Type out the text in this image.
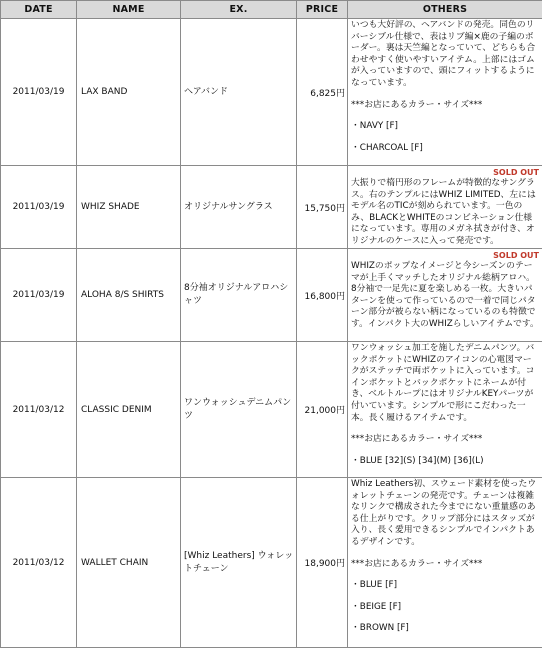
DATE	NAME	EX.	PRICE	OTHERS
2011/03/19	LAX BAND	ヘアバンド	6,825円	いつも大好評の、ヘアバンドの発売。同色のリバーシブル仕様で、表はリブ編×鹿の子編のボーダー。裏は天竺編となっていて、どちらも合わせやすく使いやすいアイテム。上部にはゴムが入っていますので、頭にフィットするようになっています。
***お店にあるカラー・サイズ***
・NAVY [F]
・CHARCOAL [F]

2011/03/19	WHIZ SHADE	オリジナルサングラス	15,750円	SOLD OUT
大振りで楕円形のフレームが特徴的なサングラス。右のテンプルにはWHIZ LIMITED、左にはモデル名のTICが刻められています。一色のみ、BLACKとWHITEのコンビネーション仕様になっています。専用のメガネ拭きが付き、オリジナルのケースに入って発売です。

2011/03/19	ALOHA 8/S SHIRTS	8分袖オリジナルアロハシャツ	16,800円	SOLD OUT
WHIZのポップなイメージと今シーズンのテーマが上手くマッチしたオリジナル総柄アロハ。8分袖で一足先に夏を楽しめる一枚。大きいパターンを使って作っているので一着で同じパターン部分が被らない柄になっているのも特徴です。インパクト大のWHIZらしいアイテムです。

2011/03/12	CLASSIC DENIM	ワンウォッシュデニムパンツ	21,000円	ワンウォッシュ加工を施したデニムパンツ。バックポケットにWHIZのアイコンの心電図マークがステッチで両ポケットに入っています。コインポケットとバックポケットにネームが付き、ベルトループにはオリジナルKEYパーツが付いています。シンプルで形にこだわった一本。長く履けるアイテムです。
***お店にあるカラー・サイズ***
・BLUE [32](S) [34](M) [36](L)

2011/03/12	WALLET CHAIN	[Whiz Leathers] ウォレットチェーン	18,900円	Whiz Leathers初、スウェード素材を使ったウォレットチェーンの発売です。チェーンは複雑なリンクで構成された今までにない重量感のある仕上がりです。クリップ部分にはスタッズが入り、長く愛用できるシンプルでインパクトあるデザインです。
***お店にあるカラー・サイズ***
・BLUE [F]
・BEIGE [F]
・BROWN [F]
